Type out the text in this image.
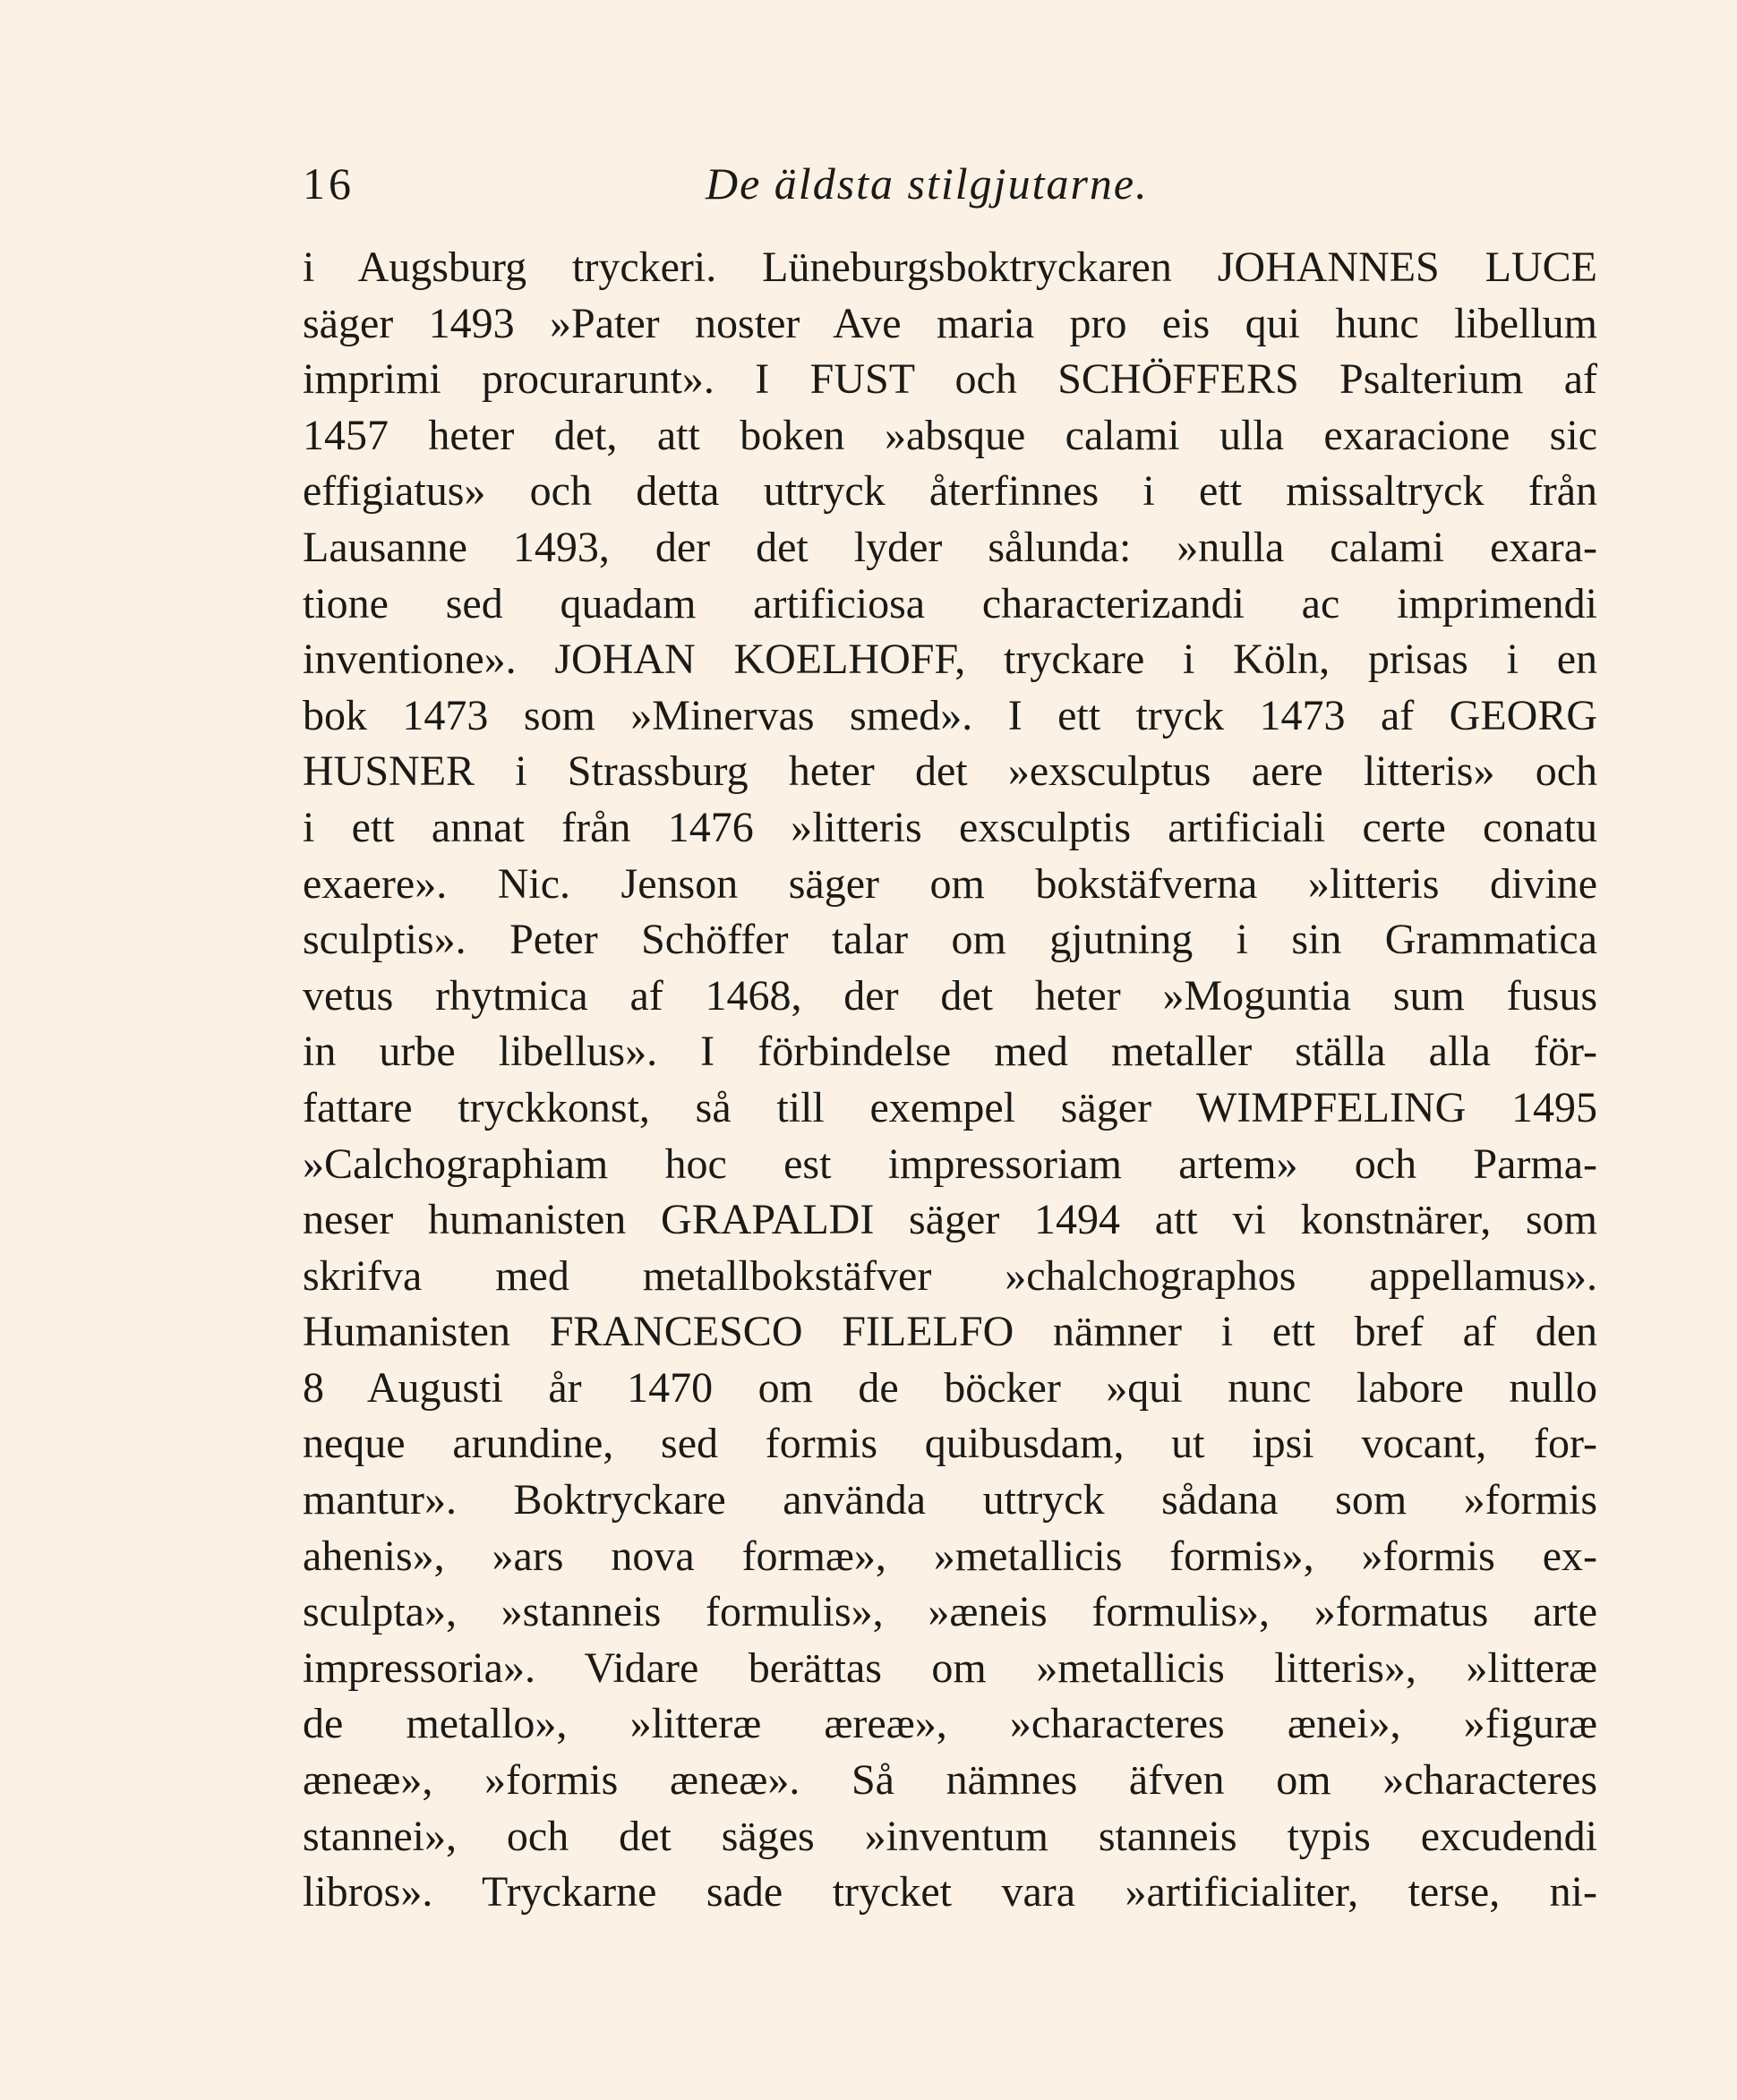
16	De äldsta stilgjutarne.
i Augsburg tryckeri. Lüneburgsboktryckaren JOHANNES LUCE
säger 1493 »Pater noster Ave maria pro eis qui hunc libellum
imprimi procurarunt». I FUST och SCHÖFFERS Psalterium af
1457 heter det, att boken »absque calami ulla exaracione sic
effigiatus» och detta uttryck återfinnes i ett missaltryck från
Lausanne 1493, der det lyder sålunda: »nulla calami exara-
tione sed quadam artificiosa characterizandi ac imprimendi
inventione». JOHAN KOELHOFF, tryckare i Köln, prisas i en
bok 1473 som »Minervas smed». I ett tryck 1473 af GEORG
HUSNER i Strassburg heter det »exsculptus aere litteris» och
i ett annat från 1476 »litteris exsculptis artificiali certe conatu
exaere». Nic. Jenson säger om bokstäfverna »litteris divine
sculptis». Peter Schöffer talar om gjutning i sin Grammatica
vetus rhytmica af 1468, der det heter »Moguntia sum fusus
in urbe libellus». I förbindelse med metaller ställa alla för-
fattare tryckkonst, så till exempel säger WIMPFELING 1495
»Calchographiam hoc est impressoriam artem» och Parma-
neser humanisten GRAPALDI säger 1494 att vi konstnärer, som
skrifva med metallbokstäfver »chalchographos appellamus».
Humanisten FRANCESCO FILELFO nämner i ett bref af den
8 Augusti år 1470 om de böcker »qui nunc labore nullo
neque arundine, sed formis quibusdam, ut ipsi vocant, for-
mantur». Boktryckare använda uttryck sådana som »formis
ahenis», »ars nova formæ», »metallicis formis», »formis ex-
sculpta», »stanneis formulis», »æneis formulis», »formatus arte
impressoria». Vidare berättas om »metallicis litteris», »litteræ
de metallo», »litteræ æreæ», »characteres ænei», »figuræ
æneæ», »formis æneæ». Så nämnes äfven om »characteres
stannei», och det säges »inventum stanneis typis excudendi
libros». Tryckarne sade trycket vara »artificialiter, terse, ni-
